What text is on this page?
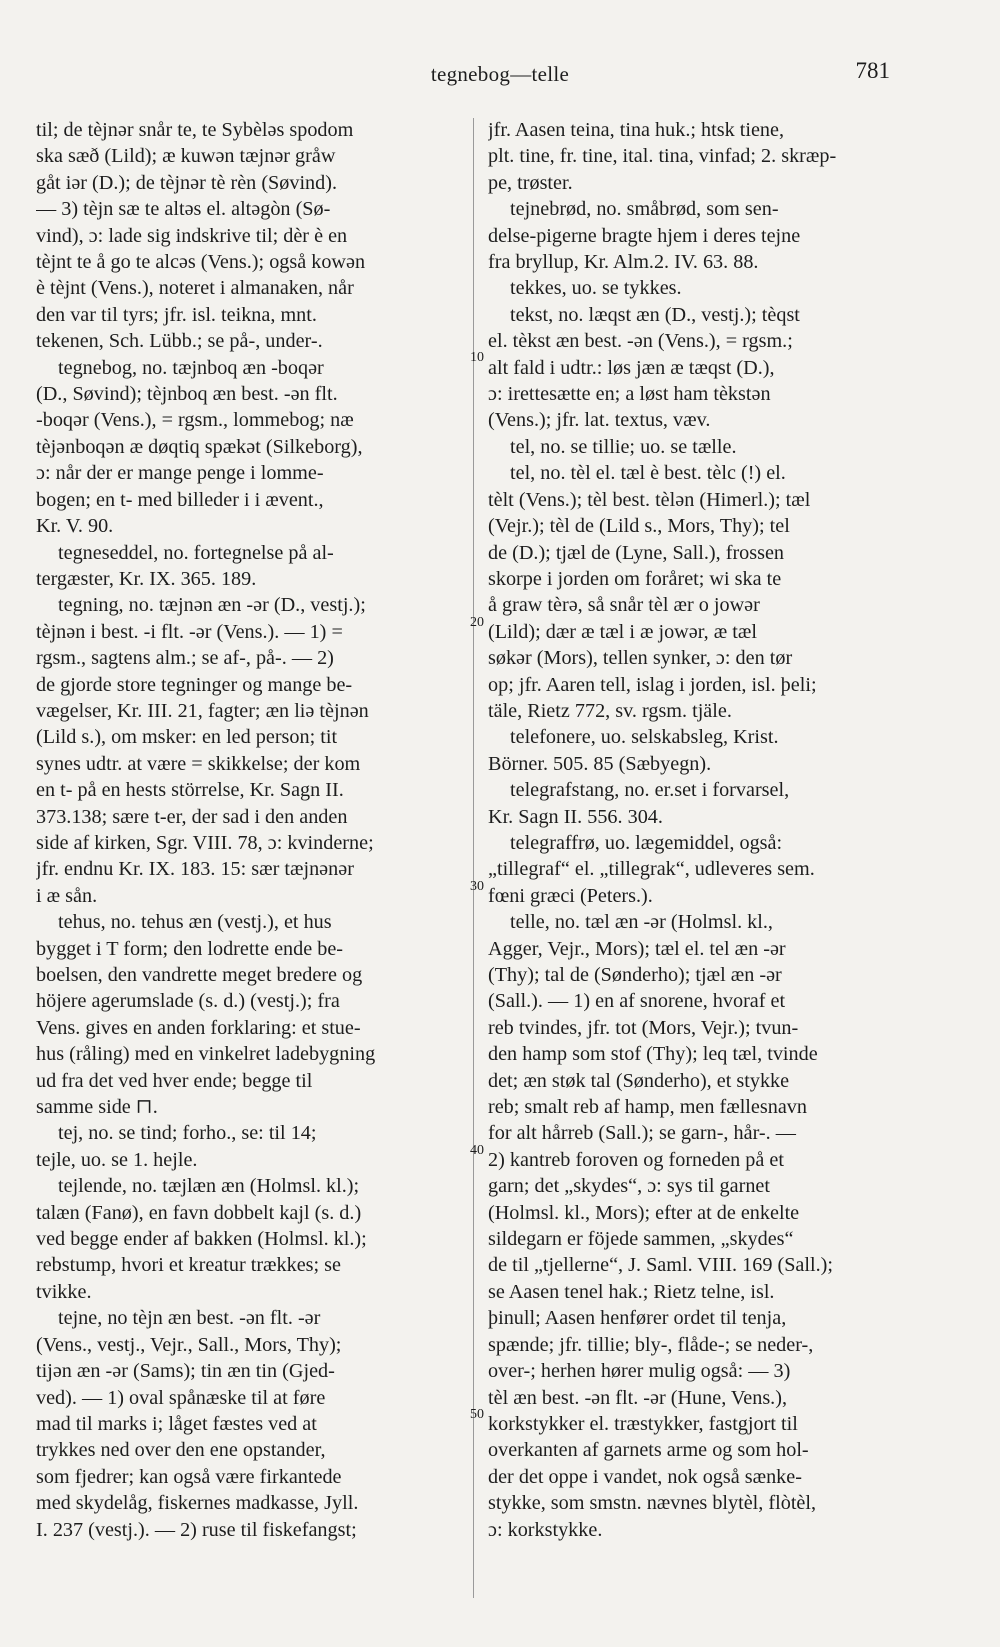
tegnebog—telle	781
til; de tèjnər snår te, te Sybèləs spodom
ska sæð (Lild); æ kuwən tæjnər gråw
gåt iər (D.); de tèjnər tè rèn (Søvind).
— 3) tèjn sæ te altəs el. altəgòn (Sø-
vind), ɔ: lade sig indskrive til; dèr è en
tèjnt te å go te alcəs (Vens.); også kowən
è tèjnt (Vens.), noteret i almanaken, når
den var til tyrs; jfr. isl. teikna, mnt.
tekenen, Sch. Lübb.; se på-, under-.
tegnebog, no. tæjnboq æn -boqər
(D., Søvind); tèjnboq æn best. -ən flt.
-boqər (Vens.), = rgsm., lommebog; næ
tèjənboqən æ døqtiq spækət (Silkeborg),
ɔ: når der er mange penge i lomme-
bogen; en t- med billeder i i ævent.,
Kr. V. 90.
tegneseddel, no. fortegnelse på al-
tergæster, Kr. IX. 365. 189.
tegning, no. tæjnən æn -ər (D., vestj.);
tèjnən i best. -i flt. -ər (Vens.). — 1) =
rgsm., sagtens alm.; se af-, på-. — 2)
de gjorde store tegninger og mange be-
vægelser, Kr. III. 21, fagter; æn liə tèjnən
(Lild s.), om msker: en led person; tit
synes udtr. at være = skikkelse; der kom
en t- på en hests störrelse, Kr. Sagn II.
373.138; sære t-er, der sad i den anden
side af kirken, Sgr. VIII. 78, ɔ: kvinderne;
jfr. endnu Kr. IX. 183. 15: sær tæjnənər
i æ sån.
tehus, no. tehus æn (vestj.), et hus
bygget i T form; den lodrette ende be-
boelsen, den vandrette meget bredere og
höjere agerumslade (s. d.) (vestj.); fra
Vens. gives en anden forklaring: et stue-
hus (råling) med en vinkelret ladebygning
ud fra det ved hver ende; begge til
samme side ⊓.
tej, no. se tind; forho., se: til 14;
tejle, uo. se 1. hejle.
tejlende, no. tæjlæn æn (Holmsl. kl.);
talæn (Fanø), en favn dobbelt kajl (s. d.)
ved begge ender af bakken (Holmsl. kl.);
rebstump, hvori et kreatur trækkes; se
tvikke.
tejne, no tèjn æn best. -ən flt. -ər
(Vens., vestj., Vejr., Sall., Mors, Thy);
tijən æn -ər (Sams); tin æn tin (Gjed-
ved). — 1) oval spånæske til at føre
mad til marks i; låget fæstes ved at
trykkes ned over den ene opstander,
som fjedrer; kan også være firkantede
med skydelåg, fiskernes madkasse, Jyll.
I. 237 (vestj.). — 2) ruse til fiskefangst;
jfr. Aasen teina, tina huk.; htsk tiene,
plt. tine, fr. tine, ital. tina, vinfad; 2. skræp-
pe, trøster.
tejnebrød, no. småbrød, som sen-
delse-pigerne bragte hjem i deres tejne
fra bryllup, Kr. Alm.2. IV. 63. 88.
tekkes, uo. se tykkes.
tekst, no. læqst æn (D., vestj.); tèqst
el. tèkst æn best. -ən (Vens.), = rgsm.;
alt fald i udtr.: løs jæn æ tæqst (D.),
ɔ: irettesætte en; a løst ham tèkstən
(Vens.); jfr. lat. textus, væv.
tel, no. se tillie; uo. se tælle.
tel, no. tèl el. tæl è best. tèlc (!) el.
tèlt (Vens.); tèl best. tèlən (Himerl.); tæl
(Vejr.); tèl de (Lild s., Mors, Thy); tel
de (D.); tjæl de (Lyne, Sall.), frossen
skorpe i jorden om foråret; wi ska te
å graw tèrə, så snår tèl ær o jowər
(Lild); dær æ tæl i æ jowər, æ tæl
søkər (Mors), tellen synker, ɔ: den tør
op; jfr. Aaren tell, islag i jorden, isl. þeli;
täle, Rietz 772, sv. rgsm. tjäle.
telefonere, uo. selskabsleg, Krist.
Börner. 505. 85 (Sæbyegn).
telegrafstang, no. er.set i forvarsel,
Kr. Sagn II. 556. 304.
telegraffrø, uo. lægemiddel, også:
„tillegraf“ el. „tillegrak“, udleveres sem.
fœni græci (Peters.).
telle, no. tæl æn -ər (Holmsl. kl.,
Agger, Vejr., Mors); tæl el. tel æn -ər
(Thy); tal de (Sønderho); tjæl æn -ər
(Sall.). — 1) en af snorene, hvoraf et
reb tvindes, jfr. tot (Mors, Vejr.); tvun-
den hamp som stof (Thy); leq tæl, tvinde
det; æn støk tal (Sønderho), et stykke
reb; smalt reb af hamp, men fællesnavn
for alt hårreb (Sall.); se garn-, hår-. —
2) kantreb foroven og forneden på et
garn; det „skydes“, ɔ: sys til garnet
(Holmsl. kl., Mors); efter at de enkelte
sildegarn er föjede sammen, „skydes“
de til „tjellerne“, J. Saml. VIII. 169 (Sall.);
se Aasen tenel hak.; Rietz telne, isl.
þinull; Aasen henfører ordet til tenja,
spænde; jfr. tillie; bly-, flåde-; se neder-,
over-; herhen hører mulig også: — 3)
tèl æn best. -ən flt. -ər (Hune, Vens.),
korkstykker el. træstykker, fastgjort til
overkanten af garnets arme og som hol-
der det oppe i vandet, nok også sænke-
stykke, som smstn. nævnes blytèl, flòtèl,
ɔ: korkstykke.
10
20
30
40
50
